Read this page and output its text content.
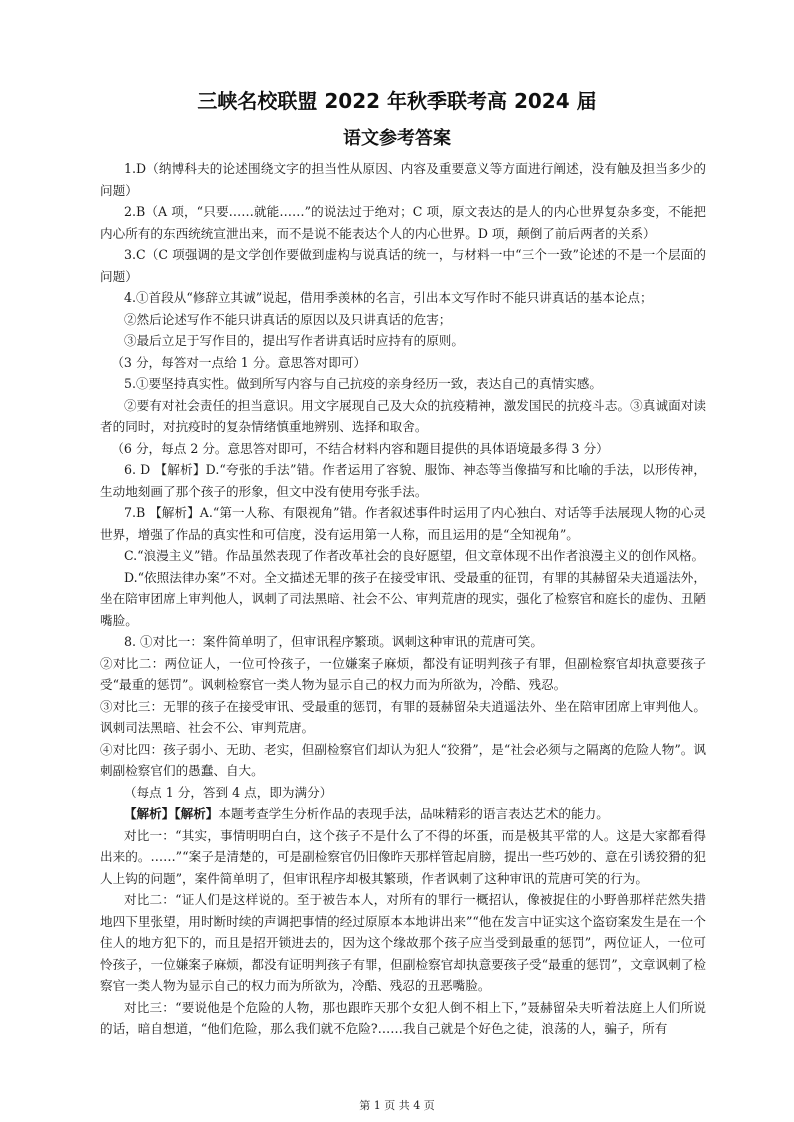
三峡名校联盟 2022 年秋季联考高 2024 届
语文参考答案

1.D（纳博科夫的论述围绕文字的担当性从原因、内容及重要意义等方面进行阐述，没有触及担当多少的问题）

2.B（A 项，“只要……就能……”的说法过于绝对；C 项，原文表达的是人的内心世界复杂多变，不能把内心所有的东西统统宣泄出来，而不是说不能表达个人的内心世界。D 项，颠倒了前后两者的关系）

3.C（C 项强调的是文学创作要做到虚构与说真话的统一，与材料一中“三个一致”论述的不是一个层面的问题）

4.①首段从“修辞立其诚”说起，借用季羡林的名言，引出本文写作时不能只讲真话的基本论点；

②然后论述写作不能只讲真话的原因以及只讲真话的危害；

③最后立足于写作目的，提出写作者讲真话时应持有的原则。

（3 分，每答对一点给 1 分。意思答对即可）

5.①要坚持真实性。做到所写内容与自己抗疫的亲身经历一致，表达自己的真情实感。

②要有对社会责任的担当意识。用文字展现自己及大众的抗疫精神，激发国民的抗疫斗志。③真诚面对读者的同时，对抗疫时的复杂情绪慎重地辨别、选择和取舍。

（6 分，每点 2 分。意思答对即可，不结合材料内容和题目提供的具体语境最多得 3 分）

6. D 【解析】D.“夸张的手法”错。作者运用了容貌、服饰、神态等当像描写和比喻的手法，以形传神，生动地刻画了那个孩子的形象，但文中没有使用夸张手法。

7.B 【解析】A.“第一人称、有限视角”错。作者叙述事件时运用了内心独白、对话等手法展现人物的心灵世界，增强了作品的真实性和可信度，没有运用第一人称，而且运用的是“全知视角”。

C.“浪漫主义”错。作品虽然表现了作者改革社会的良好愿望，但文章体现不出作者浪漫主义的创作风格。

D.“依照法律办案”不对。全文描述无罪的孩子在接受审讯、受最重的征罚，有罪的其赫留朵夫逍遥法外，坐在陪审团席上审判他人，讽刺了司法黑暗、社会不公、审判荒唐的现实，强化了检察官和庭长的虚伪、丑陋嘴脸。

8. ①对比一：案件简单明了，但审讯程序繁琐。讽刺这种审讯的荒唐可笑。

②对比二：两位证人，一位可怜孩子，一位嫌案子麻烦，都没有证明判孩子有罪，但副检察官却执意要孩子受“最重的惩罚”。讽刺检察官一类人物为显示自己的权力而为所欲为，冷酷、残忍。

③对比三：无罪的孩子在接受审讯、受最重的惩罚，有罪的聂赫留朵夫逍遥法外、坐在陪审团席上审判他人。讽刺司法黑暗、社会不公、审判荒唐。

④对比四：孩子弱小、无助、老实，但副检察官们却认为犯人“狡猾”，是“社会必须与之隔离的危险人物”。讽刺副检察官们的愚蠢、自大。

（每点 1 分，答到 4 点，即为满分）

【解析】【解析】本题考查学生分析作品的表现手法，品味精彩的语言表达艺术的能力。

对比一：“其实，事情明明白白，这个孩子不是什么了不得的坏蛋，而是极其平常的人。这是大家都看得出来的。……”“案子是清楚的，可是副检察官仍旧像昨天那样管起肩膀，提出一些巧妙的、意在引诱狡猾的犯人上钩的问题”，案件简单明了，但审讯程序却极其繁琐，作者讽刺了这种审讯的荒唐可笑的行为。

对比二：“证人们是这样说的。至于被告本人，对所有的罪行一概招认，像被捉住的小野兽那样茫然失措地四下里张望，用时断时续的声调把事情的经过原原本本地讲出来”“他在发言中证实这个盗窃案发生是在一个住人的地方犯下的，而且是招开锁进去的，因为这个缘故那个孩子应当受到最重的惩罚”，两位证人，一位可怜孩子，一位嫌案子麻烦，都没有证明判孩子有罪，但副检察官却执意要孩子受“最重的惩罚”，文章讽刺了检察官一类人物为显示自己的权力而为所欲为，冷酷、残忍的丑恶嘴脸。

对比三：“要说他是个危险的人物，那也跟昨天那个女犯人倒不相上下，”聂赫留朵夫听着法庭上人们所说的话，暗自想道，“他们危险，那么我们就不危险?……我自己就是个好色之徒，浪荡的人，骗子，所有

第 1 页 共 4 页
